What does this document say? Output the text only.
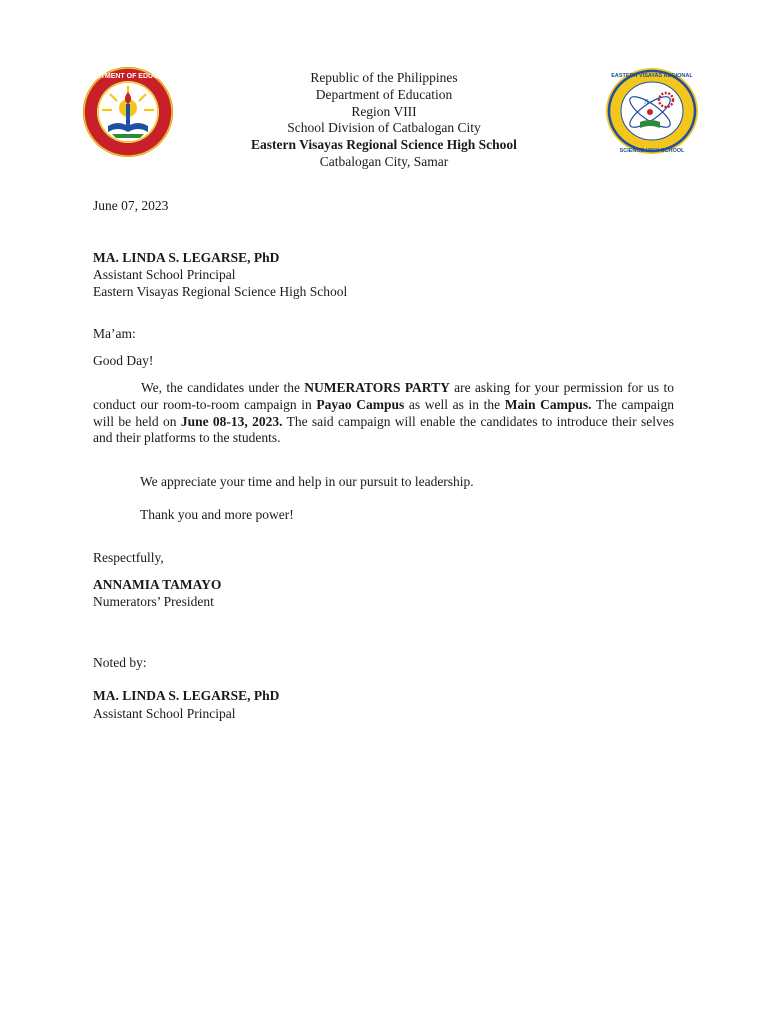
DEPARTMENT OF EDUCATION
π
EASTERN VISAYAS REGIONAL
SCIENCE HIGH SCHOOL
Republic of the Philippines
Department of Education
Region VIII
School Division of Catbalogan City
Eastern Visayas Regional Science High School
Catbalogan City, Samar
June 07, 2023
MA. LINDA S. LEGARSE, PhD
Assistant School Principal
Eastern Visayas Regional Science High School
Ma’am:
Good Day!
We, the candidates under the NUMERATORS PARTY are asking for your permission for us to conduct our room-to-room campaign in Payao Campus as well as in the Main Campus. The campaign will be held on June 08-13, 2023. The said campaign will enable the candidates to introduce their selves and their platforms to the students.
We appreciate your time and help in our pursuit to leadership.
Thank you and more power!
Respectfully,
ANNAMIA TAMAYO
Numerators’ President
Noted by:
MA. LINDA S. LEGARSE, PhD
Assistant School Principal
